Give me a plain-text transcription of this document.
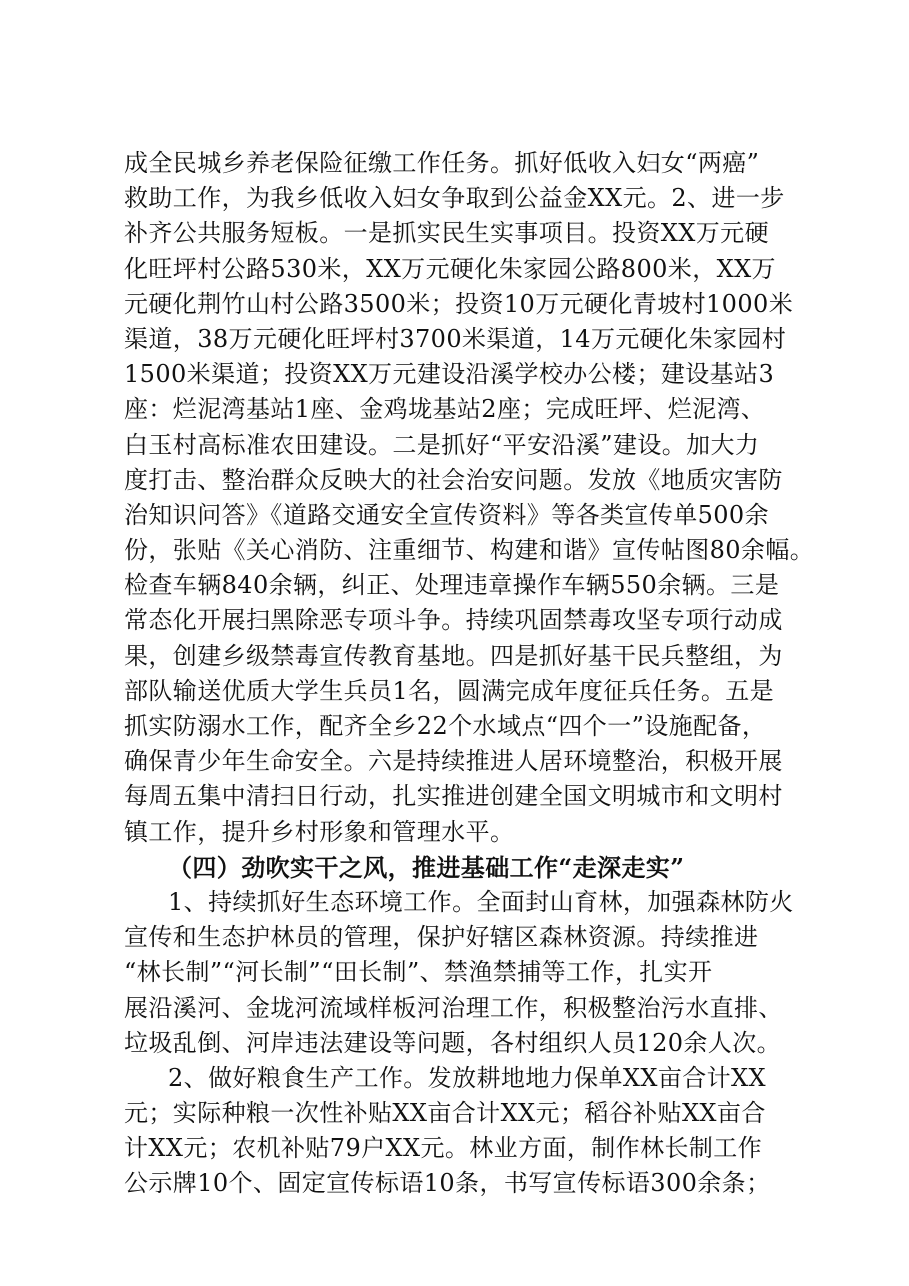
成全民城乡养老保险征缴工作任务。抓好低收入妇女“两癌”
救助工作，为我乡低收入妇女争取到公益金XX元。2、进一步
补齐公共服务短板。一是抓实民生实事项目。投资XX万元硬
化旺坪村公路530米，XX万元硬化朱家园公路800米，XX万
元硬化荆竹山村公路3500米；投资10万元硬化青坡村1000米
渠道，38万元硬化旺坪村3700米渠道，14万元硬化朱家园村
1500米渠道；投资XX万元建设沿溪学校办公楼；建设基站3
座：烂泥湾基站1座、金鸡垅基站2座；完成旺坪、烂泥湾、
白玉村高标准农田建设。二是抓好“平安沿溪”建设。加大力
度打击、整治群众反映大的社会治安问题。发放《地质灾害防
治知识问答》《道路交通安全宣传资料》等各类宣传单500余
份，张贴《关心消防、注重细节、构建和谐》宣传帖图80余幅。
检查车辆840余辆，纠正、处理违章操作车辆550余辆。三是
常态化开展扫黑除恶专项斗争。持续巩固禁毒攻坚专项行动成
果，创建乡级禁毒宣传教育基地。四是抓好基干民兵整组，为
部队输送优质大学生兵员1名，圆满完成年度征兵任务。五是
抓实防溺水工作，配齐全乡22个水域点“四个一”设施配备，
确保青少年生命安全。六是持续推进人居环境整治，积极开展
每周五集中清扫日行动，扎实推进创建全国文明城市和文明村
镇工作，提升乡村形象和管理水平。
（四）劲吹实干之风，推进基础工作“走深走实”
1、持续抓好生态环境工作。全面封山育林，加强森林防火
宣传和生态护林员的管理，保护好辖区森林资源。持续推进
“林长制”“河长制”“田长制”、禁渔禁捕等工作，扎实开
展沿溪河、金垅河流域样板河治理工作，积极整治污水直排、
垃圾乱倒、河岸违法建设等问题，各村组织人员120余人次。
2、做好粮食生产工作。发放耕地地力保单XX亩合计XX
元；实际种粮一次性补贴XX亩合计XX元；稻谷补贴XX亩合
计XX元；农机补贴79户XX元。林业方面，制作林长制工作
公示牌10个、固定宣传标语10条，书写宣传标语300余条；
